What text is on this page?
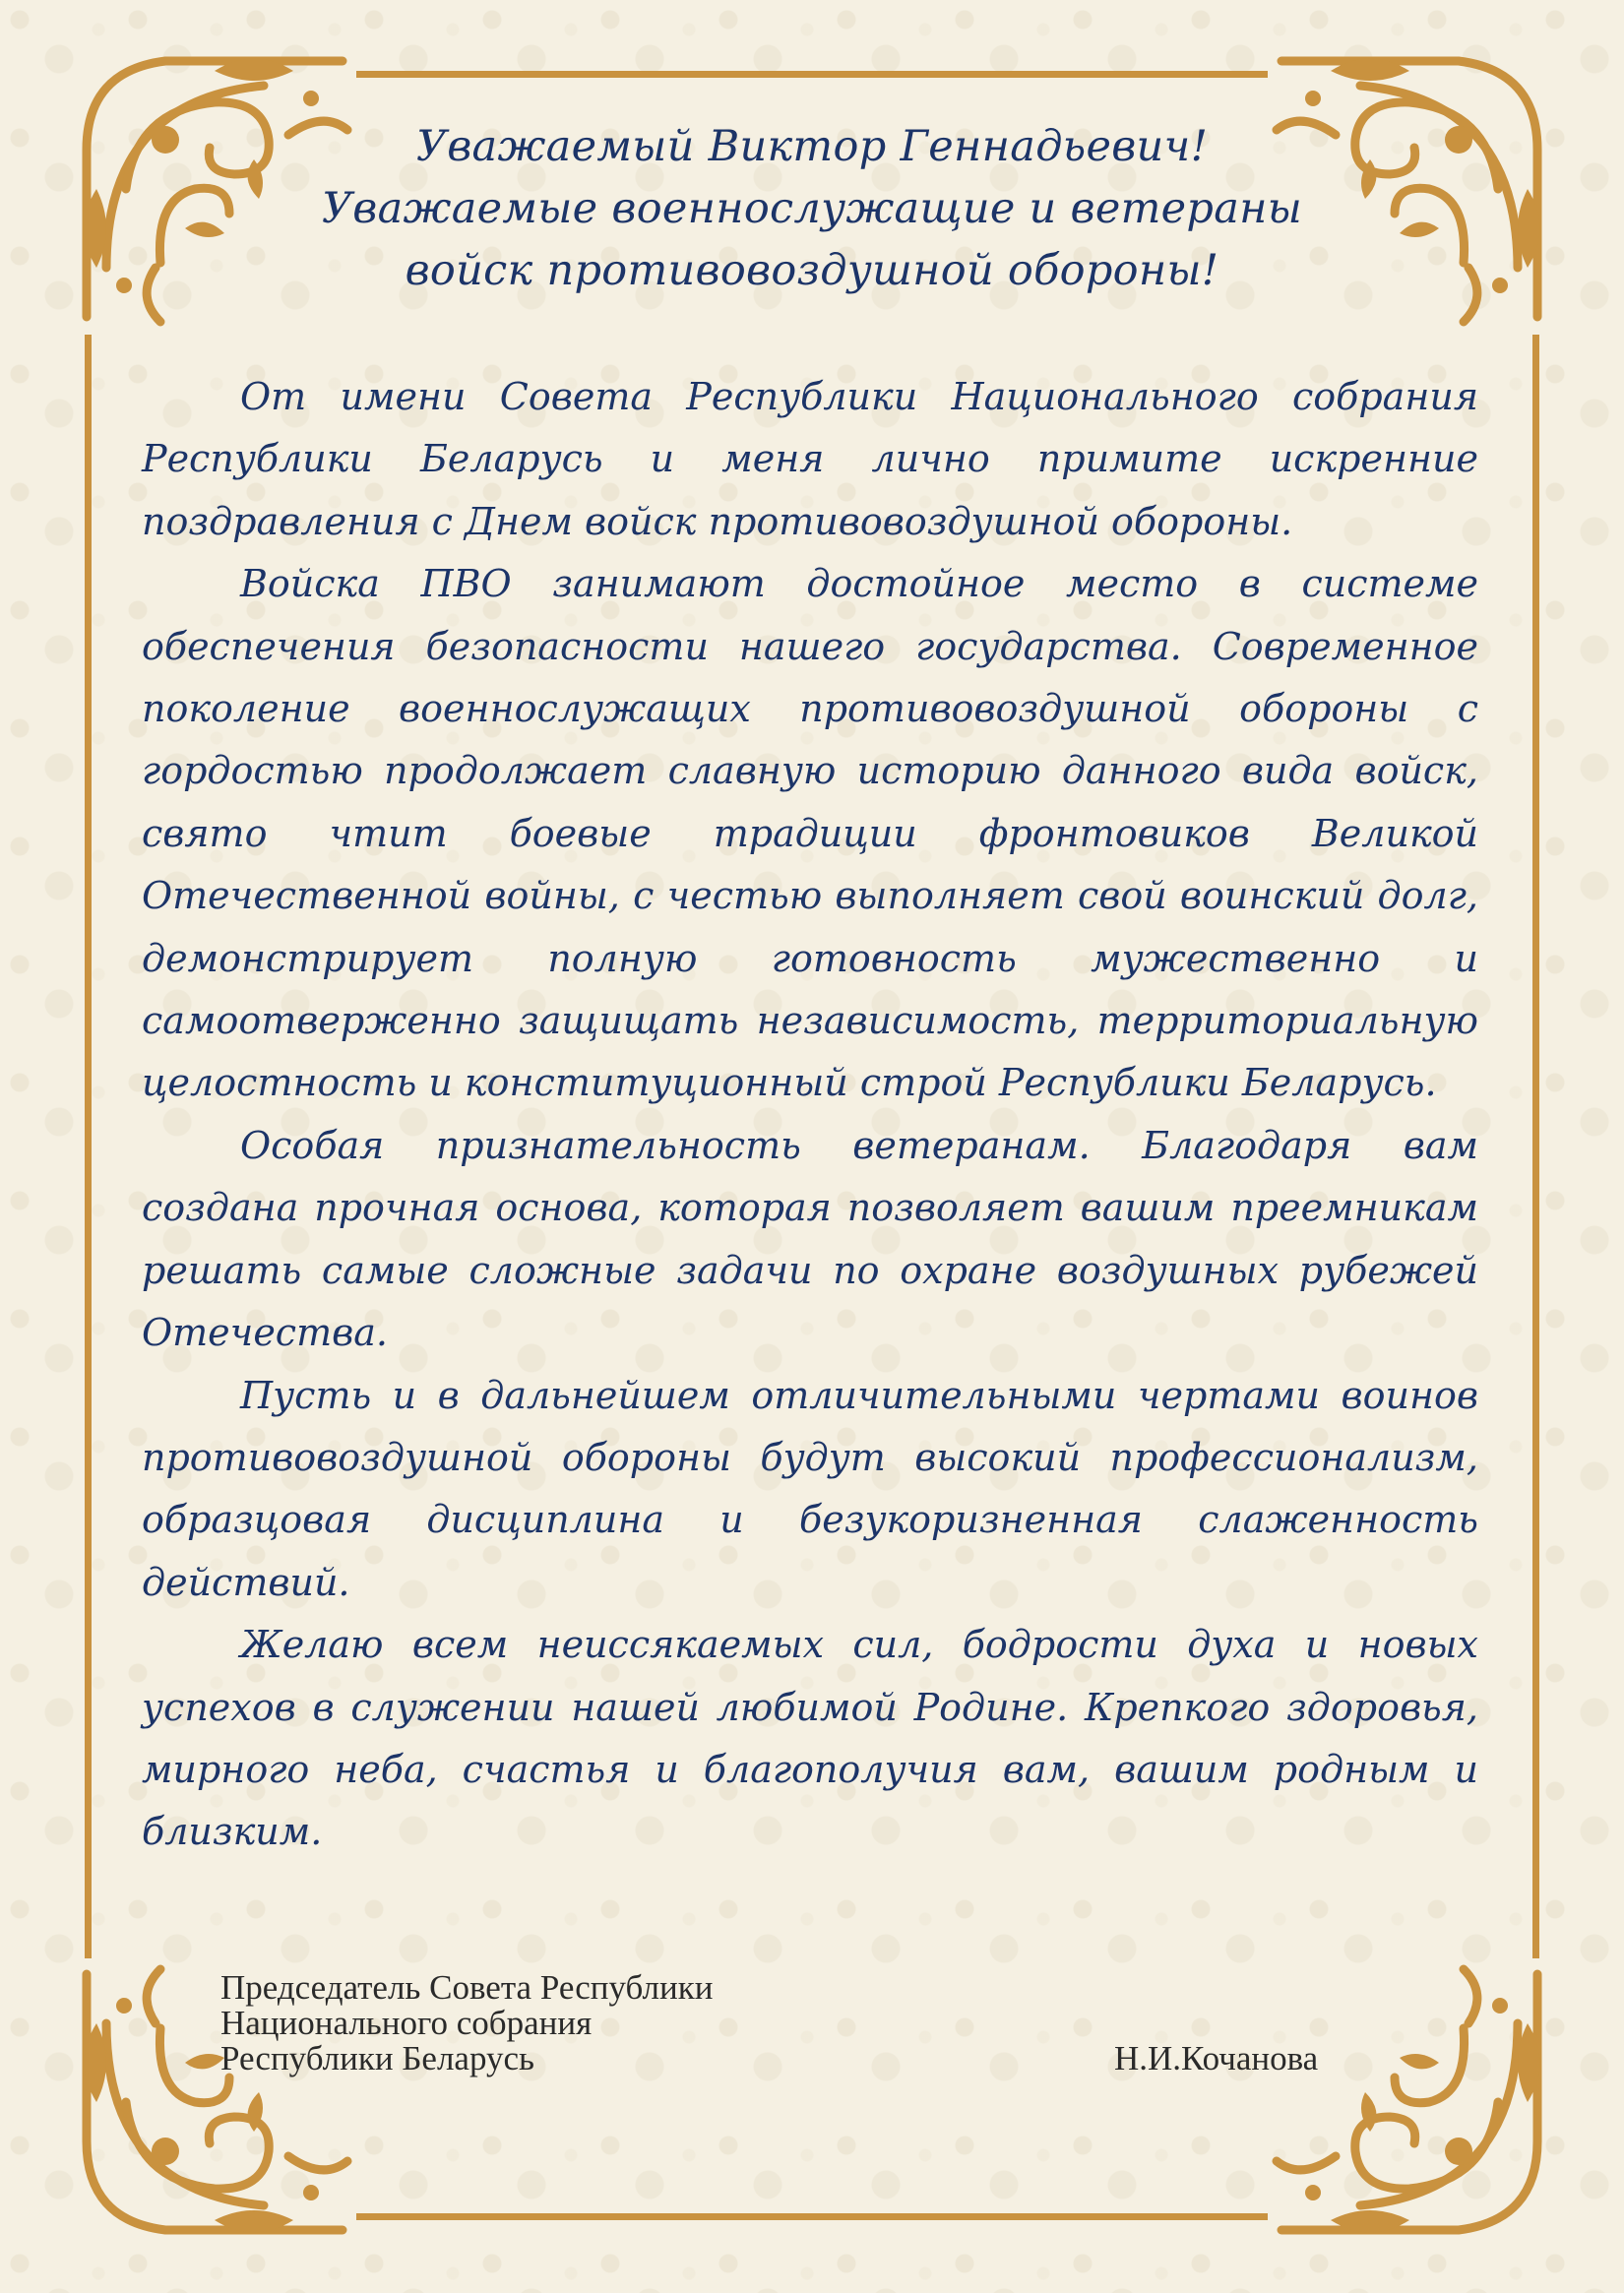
Уважаемый Виктор Геннадьевич!
Уважаемые военнослужащие и ветераны
войск противовоздушной обороны!

От имени Совета Республики Национального собрания Республики Беларусь и меня лично примите искренние поздравления с Днем войск противовоздушной обороны.

Войска ПВО занимают достойное место в системе обеспечения безопасности нашего государства. Современное поколение военнослужащих противовоздушной обороны с гордостью продолжает славную историю данного вида войск, свято чтит боевые традиции фронтовиков Великой Отечественной войны, с честью выполняет свой воинский долг, демонстрирует полную готовность мужественно и самоотверженно защищать независимость, территориальную целостность и конституционный строй Республики Беларусь.

Особая признательность ветеранам. Благодаря вам создана прочная основа, которая позволяет вашим преемникам решать самые сложные задачи по охране воздушных рубежей Отечества.

Пусть и в дальнейшем отличительными чертами воинов противовоздушной обороны будут высокий профессионализм, образцовая дисциплина и безукоризненная слаженность действий.

Желаю всем неиссякаемых сил, бодрости духа и новых успехов в служении нашей любимой Родине. Крепкого здоровья, мирного неба, счастья и благополучия вам, вашим родным и близким.

Председатель Совета Республики
Национального собрания
Республики Беларусь	Н.И.Кочанова
